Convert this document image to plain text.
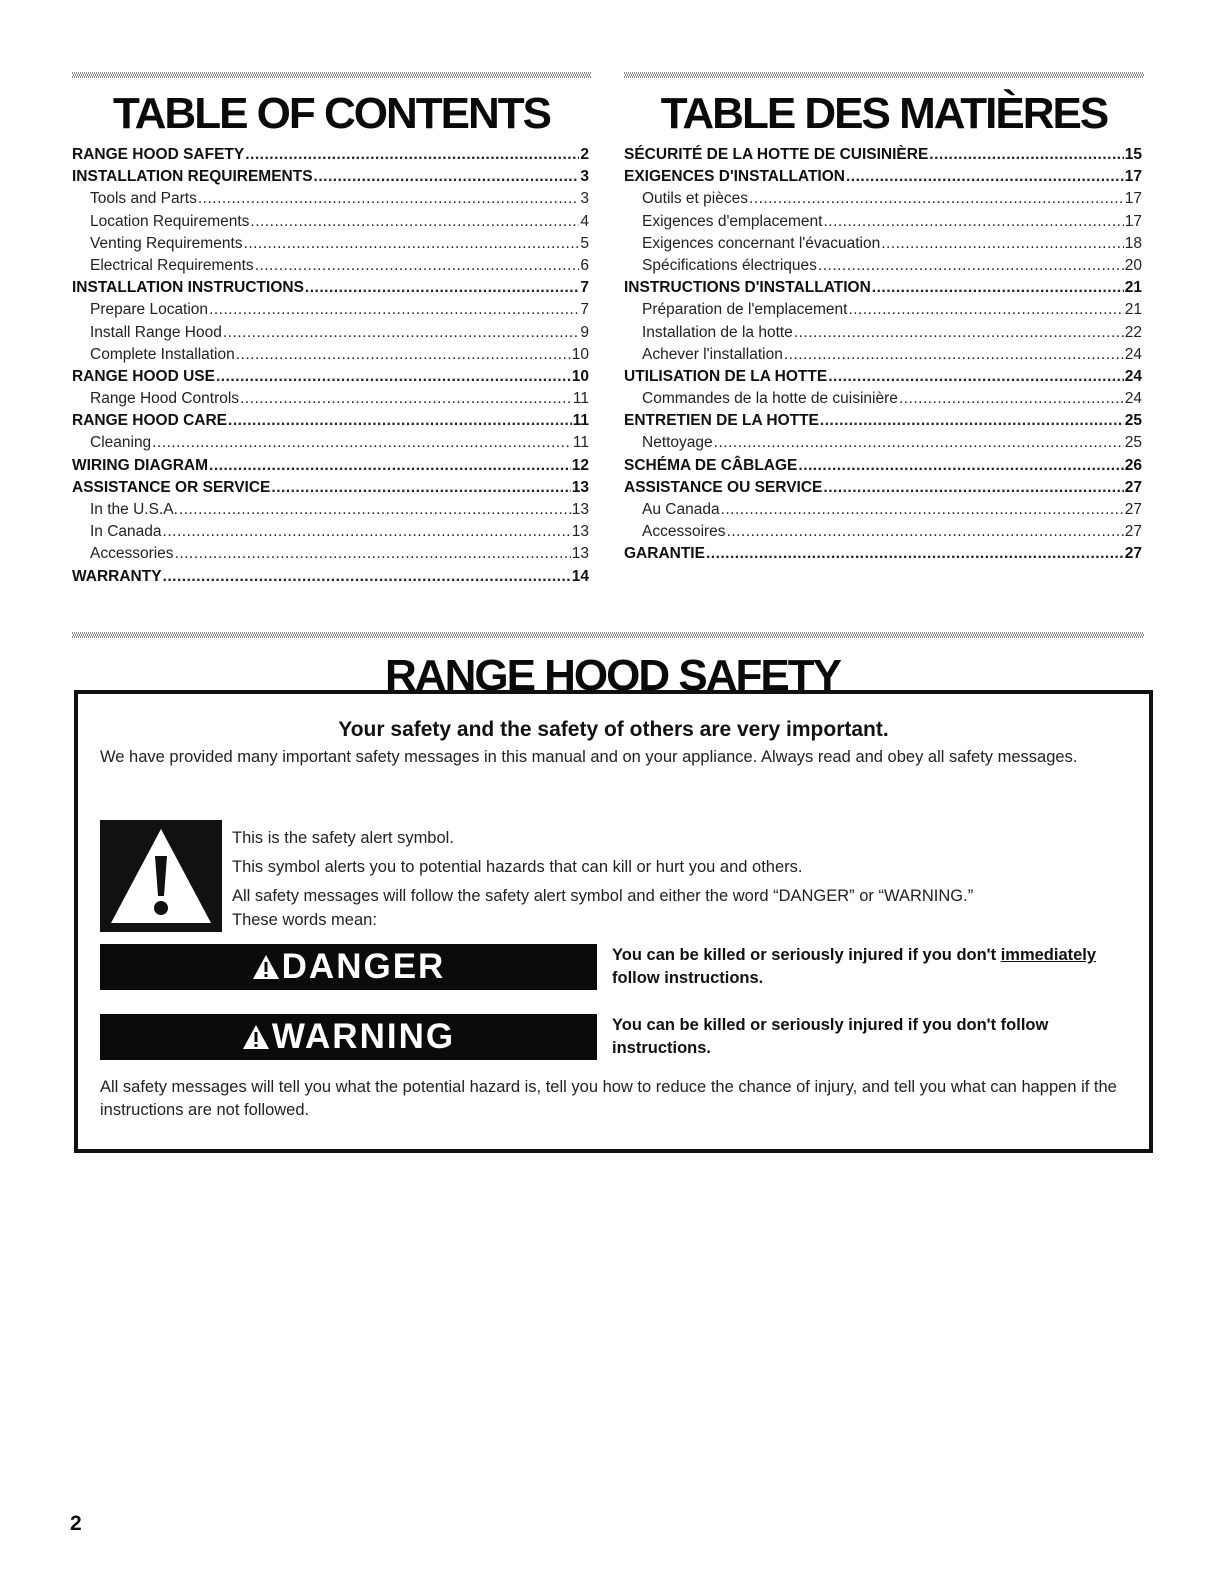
TABLE OF CONTENTS	TABLE DES MATIÈRES
RANGE HOOD SAFETY .....	2
INSTALLATION REQUIREMENTS .....	3
Tools and Parts .....	3
Location Requirements .....	4
Venting Requirements .....	5
Electrical Requirements .....	6
INSTALLATION INSTRUCTIONS .....	7
Prepare Location .....	7
Install Range Hood .....	9
Complete Installation .....	10
RANGE HOOD USE .....	10
Range Hood Controls .....	11
RANGE HOOD CARE .....	11
Cleaning .....	11
WIRING DIAGRAM .....	12
ASSISTANCE OR SERVICE .....	13
In the U.S.A. .....	13
In Canada .....	13
Accessories .....	13
WARRANTY .....	14
SÉCURITÉ DE LA HOTTE DE CUISINIÈRE .....	15
EXIGENCES D'INSTALLATION .....	17
Outils et pièces .....	17
Exigences d'emplacement .....	17
Exigences concernant l'évacuation .....	18
Spécifications électriques .....	20
INSTRUCTIONS D'INSTALLATION .....	21
Préparation de l'emplacement .....	21
Installation de la hotte .....	22
Achever l'installation .....	24
UTILISATION DE LA HOTTE .....	24
Commandes de la hotte de cuisinière .....	24
ENTRETIEN DE LA HOTTE .....	25
Nettoyage .....	25
SCHÉMA DE CÂBLAGE .....	26
ASSISTANCE OU SERVICE .....	27
Au Canada .....	27
Accessoires .....	27
GARANTIE .....	27
RANGE HOOD SAFETY
Your safety and the safety of others are very important.
We have provided many important safety messages in this manual and on your appliance. Always read and obey all safety messages.
This is the safety alert symbol.
This symbol alerts you to potential hazards that can kill or hurt you and others.
All safety messages will follow the safety alert symbol and either the word “DANGER” or “WARNING.”
These words mean:
DANGER	You can be killed or seriously injured if you don't immediately
follow instructions.
WARNING	You can be killed or seriously injured if you don't follow instructions.
All safety messages will tell you what the potential hazard is, tell you how to reduce the chance of injury, and tell you what can happen if the instructions are not followed.
2
